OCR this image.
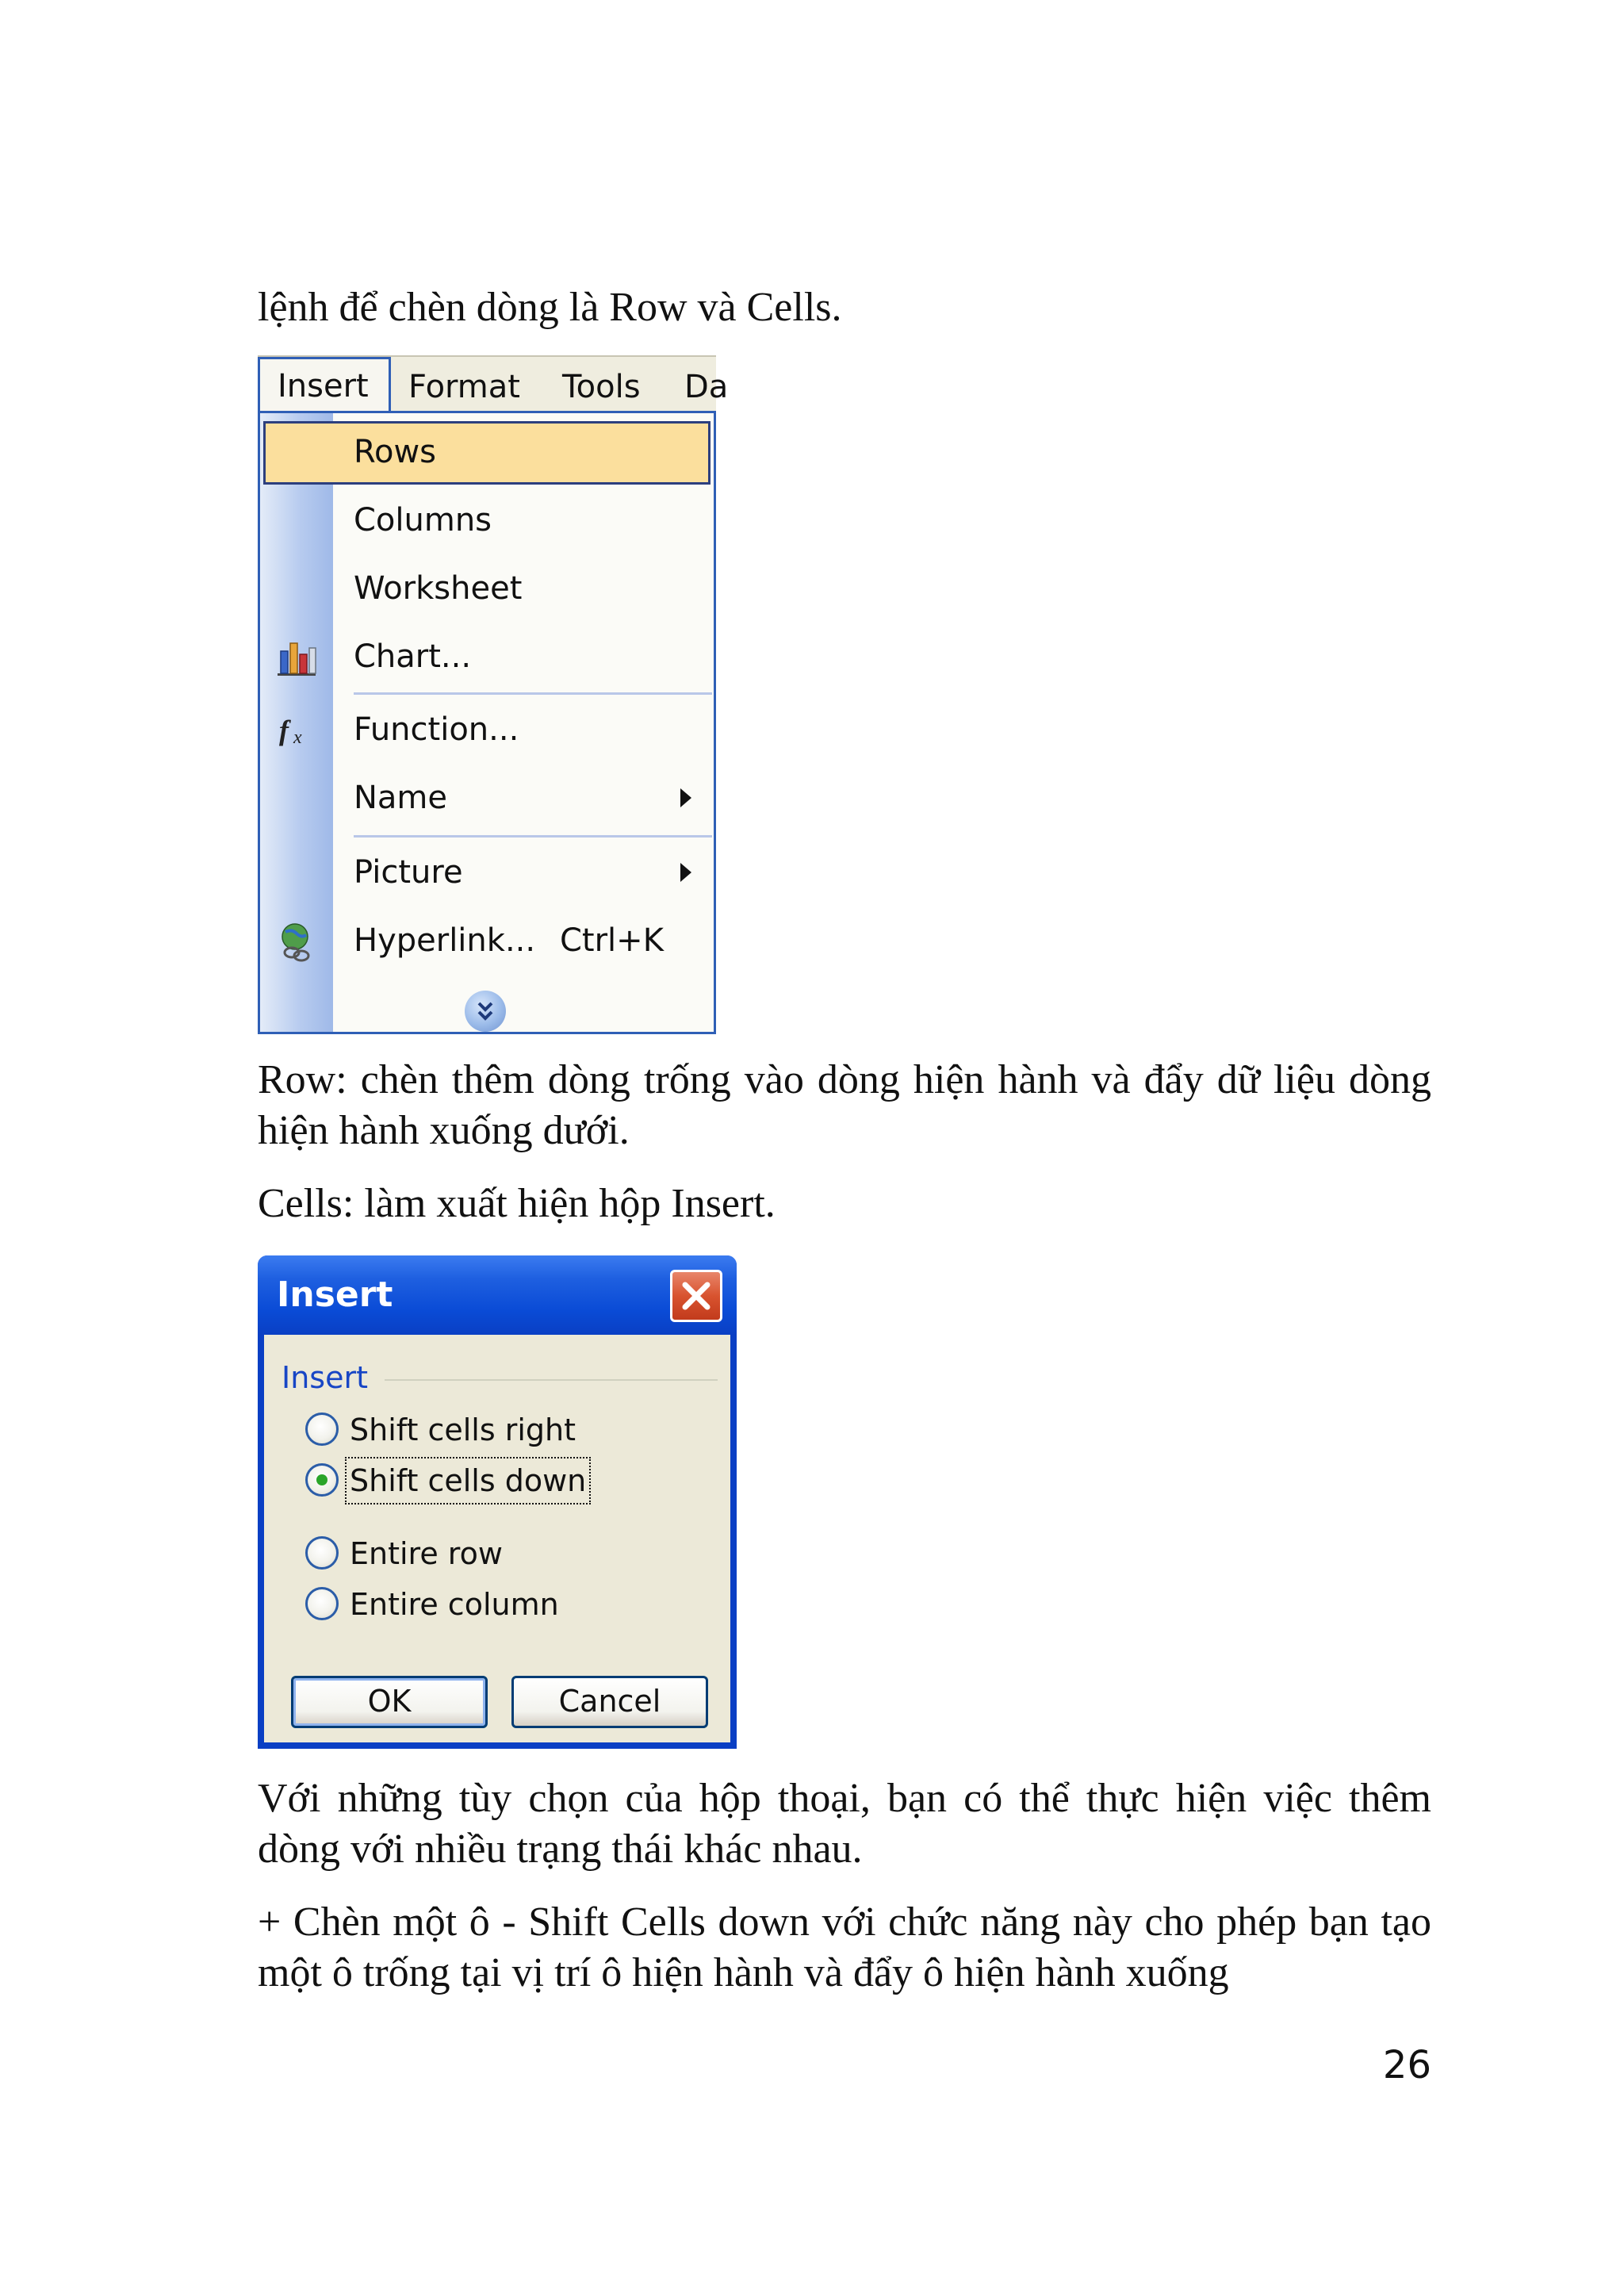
lệnh để chèn dòng là Row và Cells.

Format Tools Da
Insert
Rows
Columns
Worksheet
Chart...
f x Function...
Name
Picture
Hyperlink... Ctrl+K

Row: chèn thêm dòng trống vào dòng hiện hành và đẩy dữ liệu dòng hiện hành xuống dưới.

Cells: làm xuất hiện hộp Insert.

Insert
Insert
Shift cells right
Shift cells down
Entire row
Entire column
OK	Cancel

Với những tùy chọn của hộp thoại, bạn có thể thực hiện việc thêm dòng với nhiều trạng thái khác nhau.

+ Chèn một ô - Shift Cells down với chức năng này cho phép bạn tạo một ô trống tại vị trí ô hiện hành và đẩy ô hiện hành xuống

26
